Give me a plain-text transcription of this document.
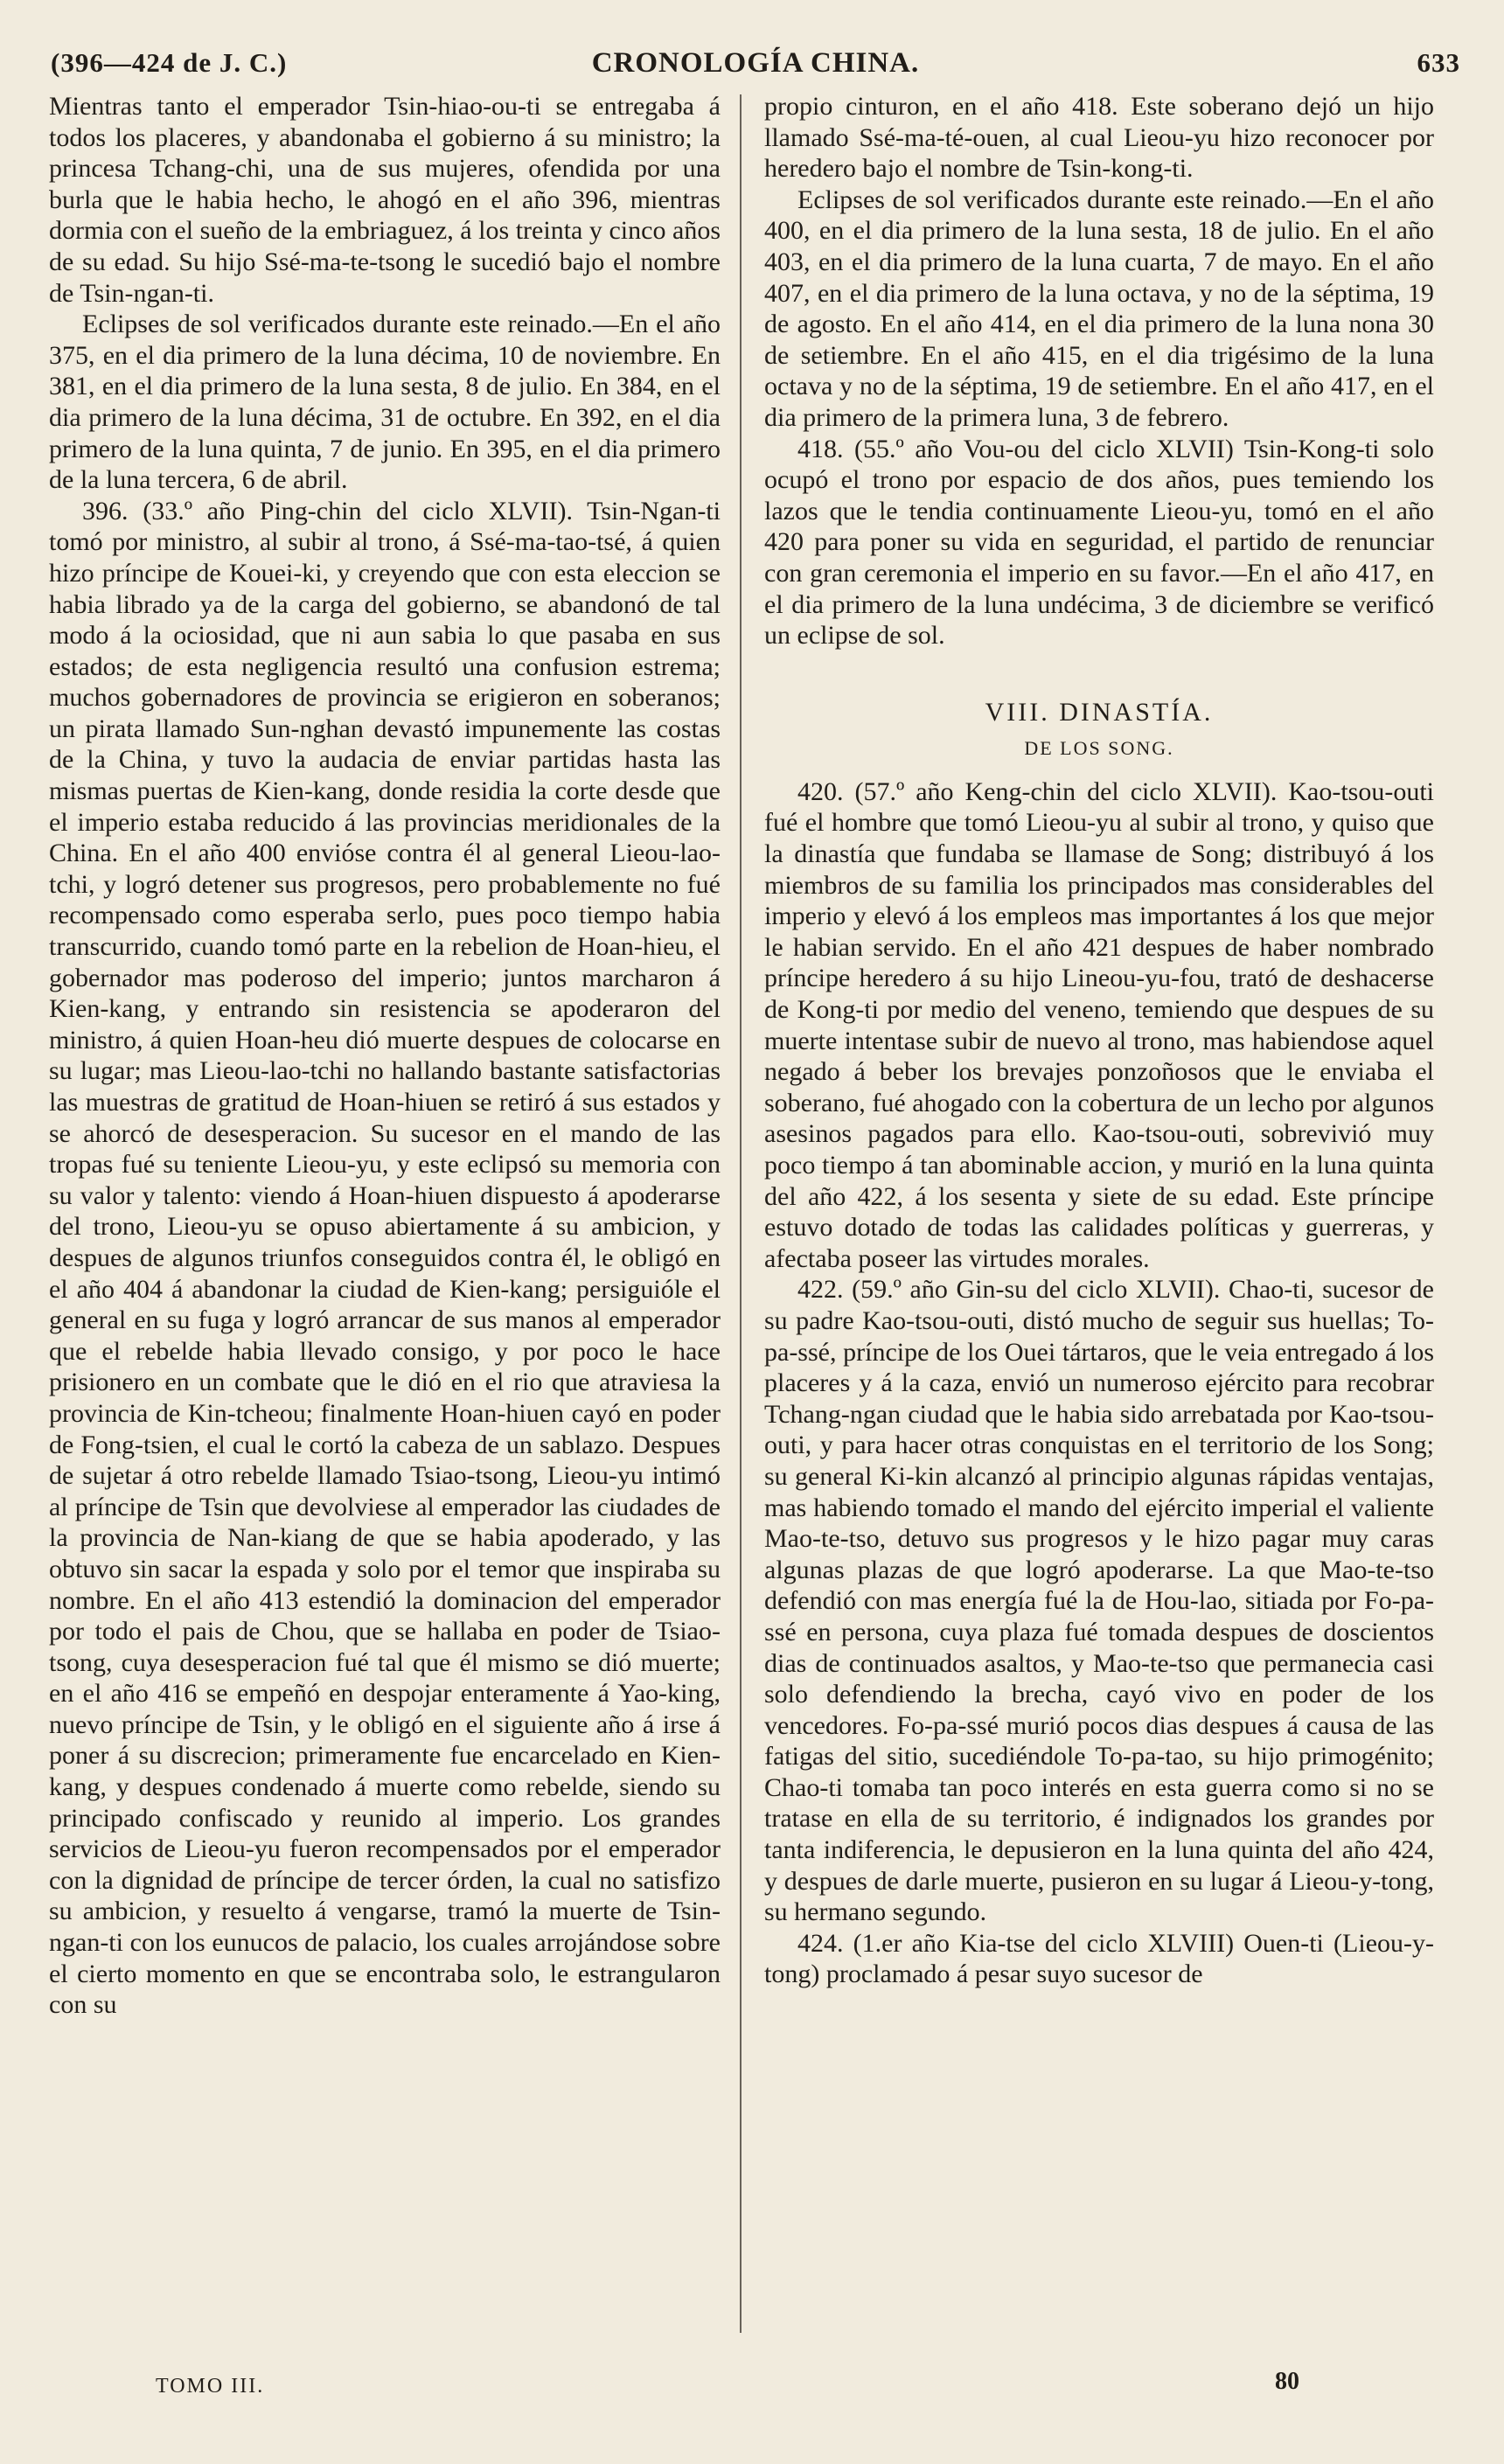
(396—424 de J. C.)	CRONOLOGÍA CHINA.	633

Mientras tanto el emperador Tsin-hiao-ou-ti se entregaba á todos los placeres, y abandonaba el gobierno á su ministro; la princesa Tchang-chi, una de sus mujeres, ofendida por una burla que le habia hecho, le ahogó en el año 396, mientras dormia con el sueño de la embriaguez, á los treinta y cinco años de su edad. Su hijo Ssé-ma-te-tsong le sucedió bajo el nombre de Tsin-ngan-ti.

Eclipses de sol verificados durante este reinado.—En el año 375, en el dia primero de la luna décima, 10 de noviembre. En 381, en el dia primero de la luna sesta, 8 de julio. En 384, en el dia primero de la luna décima, 31 de octubre. En 392, en el dia primero de la luna quinta, 7 de junio. En 395, en el dia primero de la luna tercera, 6 de abril.

396. (33.º año Ping-chin del ciclo XLVII). Tsin-Ngan-ti tomó por ministro, al subir al trono, á Ssé-ma-tao-tsé, á quien hizo príncipe de Kouei-ki, y creyendo que con esta eleccion se habia librado ya de la carga del gobierno, se abandonó de tal modo á la ociosidad, que ni aun sabia lo que pasaba en sus estados; de esta negligencia resultó una confusion estrema; muchos gobernadores de provincia se erigieron en soberanos; un pirata llamado Sun-nghan devastó impunemente las costas de la China, y tuvo la audacia de enviar partidas hasta las mismas puertas de Kien-kang, donde residia la corte desde que el imperio estaba reducido á las provincias meridionales de la China. En el año 400 envióse contra él al general Lieou-lao-tchi, y logró detener sus progresos, pero probablemente no fué recompensado como esperaba serlo, pues poco tiempo habia transcurrido, cuando tomó parte en la rebelion de Hoan-hieu, el gobernador mas poderoso del imperio; juntos marcharon á Kien-kang, y entrando sin resistencia se apoderaron del ministro, á quien Hoan-heu dió muerte despues de colocarse en su lugar; mas Lieou-lao-tchi no hallando bastante satisfactorias las muestras de gratitud de Hoan-hiuen se retiró á sus estados y se ahorcó de desesperacion. Su sucesor en el mando de las tropas fué su teniente Lieou-yu, y este eclipsó su memoria con su valor y talento: viendo á Hoan-hiuen dispuesto á apoderarse del trono, Lieou-yu se opuso abiertamente á su ambicion, y despues de algunos triunfos conseguidos contra él, le obligó en el año 404 á abandonar la ciudad de Kien-kang; persiguióle el general en su fuga y logró arrancar de sus manos al emperador que el rebelde habia llevado consigo, y por poco le hace prisionero en un combate que le dió en el rio que atraviesa la provincia de Kin-tcheou; finalmente Hoan-hiuen cayó en poder de Fong-tsien, el cual le cortó la cabeza de un sablazo. Despues de sujetar á otro rebelde llamado Tsiao-tsong, Lieou-yu intimó al príncipe de Tsin que devolviese al emperador las ciudades de la provincia de Nan-kiang de que se habia apoderado, y las obtuvo sin sacar la espada y solo por el temor que inspiraba su nombre. En el año 413 estendió la dominacion del emperador por todo el pais de Chou, que se hallaba en poder de Tsiao-tsong, cuya desesperacion fué tal que él mismo se dió muerte; en el año 416 se empeñó en despojar enteramente á Yao-king, nuevo príncipe de Tsin, y le obligó en el siguiente año á irse á poner á su discrecion; primeramente fue encarcelado en Kien-kang, y despues condenado á muerte como rebelde, siendo su principado confiscado y reunido al imperio. Los grandes servicios de Lieou-yu fueron recompensados por el emperador con la dignidad de príncipe de tercer órden, la cual no satisfizo su ambicion, y resuelto á vengarse, tramó la muerte de Tsin-ngan-ti con los eunucos de palacio, los cuales arrojándose sobre el cierto momento en que se encontraba solo, le estrangularon con su

propio cinturon, en el año 418. Este soberano dejó un hijo llamado Ssé-ma-té-ouen, al cual Lieou-yu hizo reconocer por heredero bajo el nombre de Tsin-kong-ti.

Eclipses de sol verificados durante este reinado.—En el año 400, en el dia primero de la luna sesta, 18 de julio. En el año 403, en el dia primero de la luna cuarta, 7 de mayo. En el año 407, en el dia primero de la luna octava, y no de la séptima, 19 de agosto. En el año 414, en el dia primero de la luna nona 30 de setiembre. En el año 415, en el dia trigésimo de la luna octava y no de la séptima, 19 de setiembre. En el año 417, en el dia primero de la primera luna, 3 de febrero.

418. (55.º año Vou-ou del ciclo XLVII) Tsin-Kong-ti solo ocupó el trono por espacio de dos años, pues temiendo los lazos que le tendia continuamente Lieou-yu, tomó en el año 420 para poner su vida en seguridad, el partido de renunciar con gran ceremonia el imperio en su favor.—En el año 417, en el dia primero de la luna undécima, 3 de diciembre se verificó un eclipse de sol.

VIII. DINASTÍA.
DE LOS SONG.

420. (57.º año Keng-chin del ciclo XLVII). Kao-tsou-outi fué el hombre que tomó Lieou-yu al subir al trono, y quiso que la dinastía que fundaba se llamase de Song; distribuyó á los miembros de su familia los principados mas considerables del imperio y elevó á los empleos mas importantes á los que mejor le habian servido. En el año 421 despues de haber nombrado príncipe heredero á su hijo Lineou-yu-fou, trató de deshacerse de Kong-ti por medio del veneno, temiendo que despues de su muerte intentase subir de nuevo al trono, mas habiendose aquel negado á beber los brevajes ponzoñosos que le enviaba el soberano, fué ahogado con la cobertura de un lecho por algunos asesinos pagados para ello. Kao-tsou-outi, sobrevivió muy poco tiempo á tan abominable accion, y murió en la luna quinta del año 422, á los sesenta y siete de su edad. Este príncipe estuvo dotado de todas las calidades políticas y guerreras, y afectaba poseer las virtudes morales.

422. (59.º año Gin-su del ciclo XLVII). Chao-ti, sucesor de su padre Kao-tsou-outi, distó mucho de seguir sus huellas; To-pa-ssé, príncipe de los Ouei tártaros, que le veia entregado á los placeres y á la caza, envió un numeroso ejército para recobrar Tchang-ngan ciudad que le habia sido arrebatada por Kao-tsou-outi, y para hacer otras conquistas en el territorio de los Song; su general Ki-kin alcanzó al principio algunas rápidas ventajas, mas habiendo tomado el mando del ejército imperial el valiente Mao-te-tso, detuvo sus progresos y le hizo pagar muy caras algunas plazas de que logró apoderarse. La que Mao-te-tso defendió con mas energía fué la de Hou-lao, sitiada por Fo-pa-ssé en persona, cuya plaza fué tomada despues de doscientos dias de continuados asaltos, y Mao-te-tso que permanecia casi solo defendiendo la brecha, cayó vivo en poder de los vencedores. Fo-pa-ssé murió pocos dias despues á causa de las fatigas del sitio, sucediéndole To-pa-tao, su hijo primogénito; Chao-ti tomaba tan poco interés en esta guerra como si no se tratase en ella de su territorio, é indignados los grandes por tanta indiferencia, le depusieron en la luna quinta del año 424, y despues de darle muerte, pusieron en su lugar á Lieou-y-tong, su hermano segundo.

424. (1.er año Kia-tse del ciclo XLVIII) Ouen-ti (Lieou-y-tong) proclamado á pesar suyo sucesor de

TOMO III.	80
